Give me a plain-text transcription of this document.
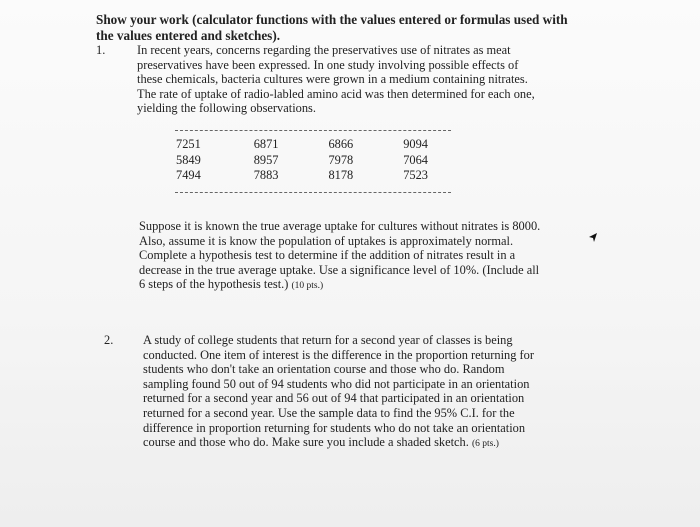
Show your work (calculator functions with the values entered or formulas used with the values entered and sketches).
1.	In recent years, concerns regarding the preservatives use of nitrates as meat
preservatives have been expressed. In one study involving possible effects of
these chemicals, bacteria cultures were grown in a medium containing nitrates.
The rate of uptake of radio-labled amino acid was then determined for each one,
yielding the following observations.
7251	6871	6866	9094
5849	8957	7978	7064
7494	7883	8178	7523
Suppose it is known the true average uptake for cultures without nitrates is 8000.
Also, assume it is know the population of uptakes is approximately normal.
Complete a hypothesis test to determine if the addition of nitrates result in a
decrease in the true average uptake. Use a significance level of 10%. (Include all
6 steps of the hypothesis test.) (10 pts.)
2. A study of college students that return for a second year of classes is being
conducted. One item of interest is the difference in the proportion returning for
students who don't take an orientation course and those who do. Random
sampling found 50 out of 94 students who did not participate in an orientation
returned for a second year and 56 out of 94 that participated in an orientation
returned for a second year. Use the sample data to find the 95% C.I. for the
difference in proportion returning for students who do not take an orientation
course and those who do. Make sure you include a shaded sketch. (6 pts.)
